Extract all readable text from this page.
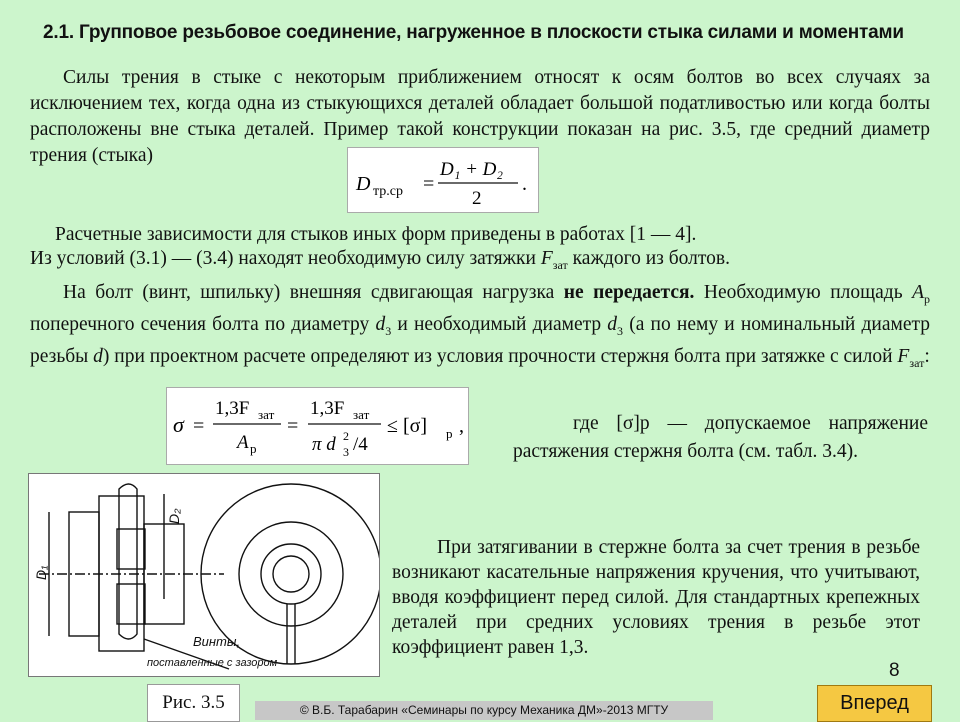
2.1. Групповое резьбовое соединение, нагруженное в плоскости стыка силами и моментами
Силы трения в стыке с некоторым приближением относят к осям болтов во всех случаях за исключением тех, когда одна из стыкующихся деталей обладает большой податливостью или когда болты расположены вне стыка деталей. Пример такой конструкции показан на рис. 3.5, где средний диаметр трения (стыка)
D тр.ср =
D₁ + D₂
2
.
Расчетные зависимости для стыков иных форм приведены в работах [1 — 4].
Из условий (3.1) — (3.4) находят необходимую силу затяжки $F_{зат}$ каждого из болтов.
На болт (винт, шпильку) внешняя сдвигающая нагрузка не передается. Необходимую площадь $A_р$ поперечного сечения болта по диаметру $d_3$ и необходимый диаметр $d_3$ (а по нему и номинальный диаметр резьбы d) при проектном расчете определяют из условия прочности стержня болта при затяжке с силой $F_{зат}$:
σ =
1,3F зат
A р
=
1,3F зат
π d 2
3 /4
≤ [σ] р ,	где [σ]р — допускаемое напряжение растяжения стержня болта (см. табл. 3.4).
D₁
D₂
Винты,
поставленные с зазором
При затягивании в стержне болта за счет трения в резьбе возникают касательные напряжения кручения, что учитывают, вводя коэффициент перед силой. Для стандартных крепежных деталей при средних условиях трения в резьбе этот коэффициент равен 1,3.
Рис. 3.5
8
© В.Б. Тарабарин «Семинары по курсу Механика ДМ»-2013 МГТУ	Вперед
